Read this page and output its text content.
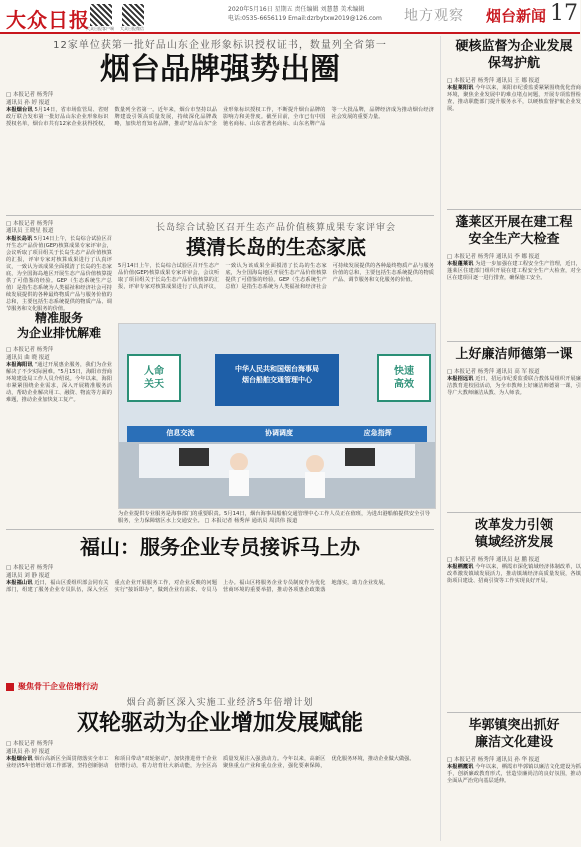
大众日报
大众日报客户端 大众日报微信
2020年5月16日 星期五 责任编辑 刘慧慧 美术编辑
电话:0535-6656119 Email:dzrbytxw2019@126.com	地方观察 烟台新闻 17
12家单位获第一批好品山东企业形象标识授权证书，数量列全省第一
烟台品牌强势出圈
□ 本报记者 杨秀萍
通讯员 孙 婷 报道
本报烟台讯 5月14日，省市场监管局、省财政厅联合发布第一批好品山东企业形象标识授权名单，烟台市共有12家企业获得授权，数量列全省第一。近年来，烟台市坚持以品牌建设引领高质量发展，持续深化品牌战略，加快培育知名品牌，推动"好品山东"企业形象标识授权工作，不断提升烟台品牌的影响力和美誉度。截至目前，全市已有中国驰名商标、山东省著名商标、山东名牌产品等一大批品牌，品牌经济成为推动烟台经济社会发展的重要力量。
□ 本报记者 杨秀萍
通讯员 王晓星 报道
本报长岛讯 5月14日上午，长岛综合试验区召开生态产品价值(GEP)核算成果专家评审会，会议听取了项目组关于长岛生态产品价值核算的汇报，评审专家对核算成果进行了认真评议，一致认为该成果全面摸清了长岛的生态家底，为全国海岛地区开展生态产品价值核算提供了可借鉴的经验。GEP（生态系统生产总值）是指生态系统为人类福祉和经济社会可持续发展提供的各种最终物质产品与服务价值的总和，主要包括生态系统提供的物质产品、调节服务和文化服务的价值。
精准服务
为企业排忧解难
□ 本报记者 杨秀萍
通讯员 曲 晓 报道
本报海阳讯 "通过开展惠企服务，我们为企业解决了不少实际困难。"5月15日，海阳市营商环境建设局工作人员介绍说。今年以来，海阳市紧紧围绕企业需求，深入开展精准服务活动，帮助企业解决用工、融资、物流等方面的难题，推动企业加快复工复产。
长岛综合试验区召开生态产品价值核算成果专家评审会
摸清长岛的生态家底
5月14日上午，长岛综合试验区召开生态产品价值(GEP)核算成果专家评审会，会议听取了项目组关于长岛生态产品价值核算的汇报，评审专家对核算成果进行了认真评议，一致认为该成果全面摸清了长岛的生态家底，为全国海岛地区开展生态产品价值核算提供了可借鉴的经验。GEP（生态系统生产总值）是指生态系统为人类福祉和经济社会可持续发展提供的各种最终物质产品与服务价值的总和，主要包括生态系统提供的物质产品、调节服务和文化服务的价值。
人命
关天
快速
高效
中华人民共和国烟台海事局
烟台船舶交通管理中心
信息交流	协调调度	应急指挥
为企业提供专业服务是海事部门的重要职责。5月14日，烟台海事局船舶交通管理中心工作人员正在值班，为进出港船舶提供安全引导服务，全力保障辖区水上交通安全。 □ 本报记者 杨秀萍 通讯员 周洪伟 报道
福山：服务企业专员接诉马上办
□ 本报记者 杨秀萍
通讯员 刘 静 报道
本报福山讯 近日，福山区委组织部会同有关部门，组建了服务企业专员队伍，深入全区重点企业开展服务工作，对企业反映的问题实行"接诉即办"，做到企业有需求、专员马上办。福山区将服务企业专员制度作为优化营商环境的重要举措，推动各项惠企政策落地落实，助力企业发展。
聚焦骨干企业倍增行动
烟台高新区深入实施工业经济5年倍增计划
双轮驱动为企业增加发展赋能
□ 本报记者 杨秀萍
通讯员 孙 婷 报道
本报烟台讯 烟台高新区全面贯彻落实全市工业经济5年倍增计划工作部署，坚持创新驱动和项目带动"双轮驱动"，加快推进骨干企业倍增行动，着力培育壮大新动能，为全区高质量发展注入强劲动力。今年以来，高新区聚焦重点产业和重点企业，强化要素保障，优化服务环境，推动企业做大做强。
硬核监督为企业发展
保驾护航
□ 本报记者 杨秀萍 通讯员 王 娜 报道
本报莱阳讯 今年以来，莱阳市纪委监委紧紧围绕优化营商环境，聚焦企业发展中的难点堵点问题，开展专项监督检查，推动职能部门提升服务水平，以硬核监督护航企业发展。
蓬莱区开展在建工程
安全生产大检查
□ 本报记者 杨秀萍 通讯员 李 娜 报道
本报蓬莱讯 为进一步加强在建工程安全生产管理，近日，蓬莱区住建部门组织开展在建工程安全生产大检查，对全区在建项目逐一进行排查，确保施工安全。
上好廉洁师德第一课
□ 本报记者 杨秀萍 通讯员 高 军 报道
本报招远讯 近日，招远市纪委监委联合教体局组织开展廉洁教育进校园活动，为全市教师上好廉洁师德第一课，引导广大教师廉洁从教、为人师表。
改革发力引领
镇域经济发展
□ 本报记者 杨秀萍 通讯员 赵 鹏 报道
本报栖霞讯 今年以来，栖霞市深化镇域经济体制改革，以改革激发镇域发展活力，推动镇域经济高质量发展，各镇街项目建设、招商引资等工作实现良好开局。
毕郭镇突出抓好
廉洁文化建设
□ 本报记者 杨秀萍 通讯员 孙 华 报道
本报栖霞讯 今年以来，栖霞市毕郭镇以廉洁文化建设为抓手，创新廉政教育形式，营造崇廉尚洁的良好氛围，推动全面从严治党向基层延伸。
